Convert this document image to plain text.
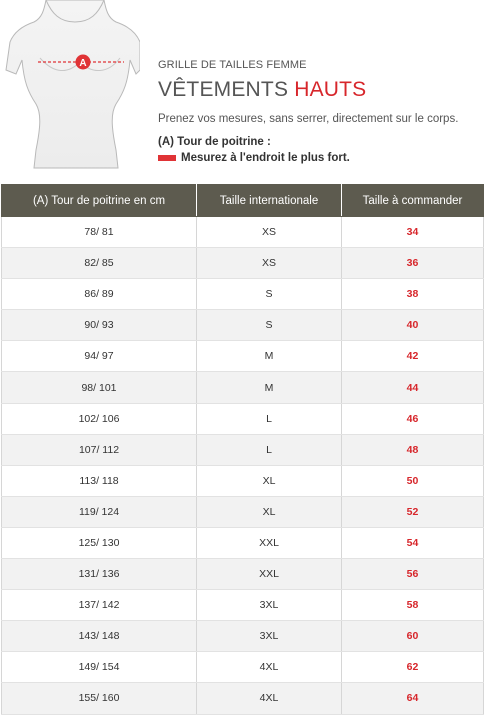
A	GRILLE DE TAILLES FEMME
VÊTEMENTS HAUTS
Prenez vos mesures, sans serrer, directement sur le corps.
(A) Tour de poitrine :
Mesurez à l'endroit le plus fort.
(A) Tour de poitrine en cm	Taille internationale	Taille à commander
78/ 81	XS	34
82/ 85	XS	36
86/ 89	S	38
90/ 93	S	40
94/ 97	M	42
98/ 101	M	44
102/ 106	L	46
107/ 112	L	48
113/ 118	XL	50
119/ 124	XL	52
125/ 130	XXL	54
131/ 136	XXL	56
137/ 142	3XL	58
143/ 148	3XL	60
149/ 154	4XL	62
155/ 160	4XL	64
